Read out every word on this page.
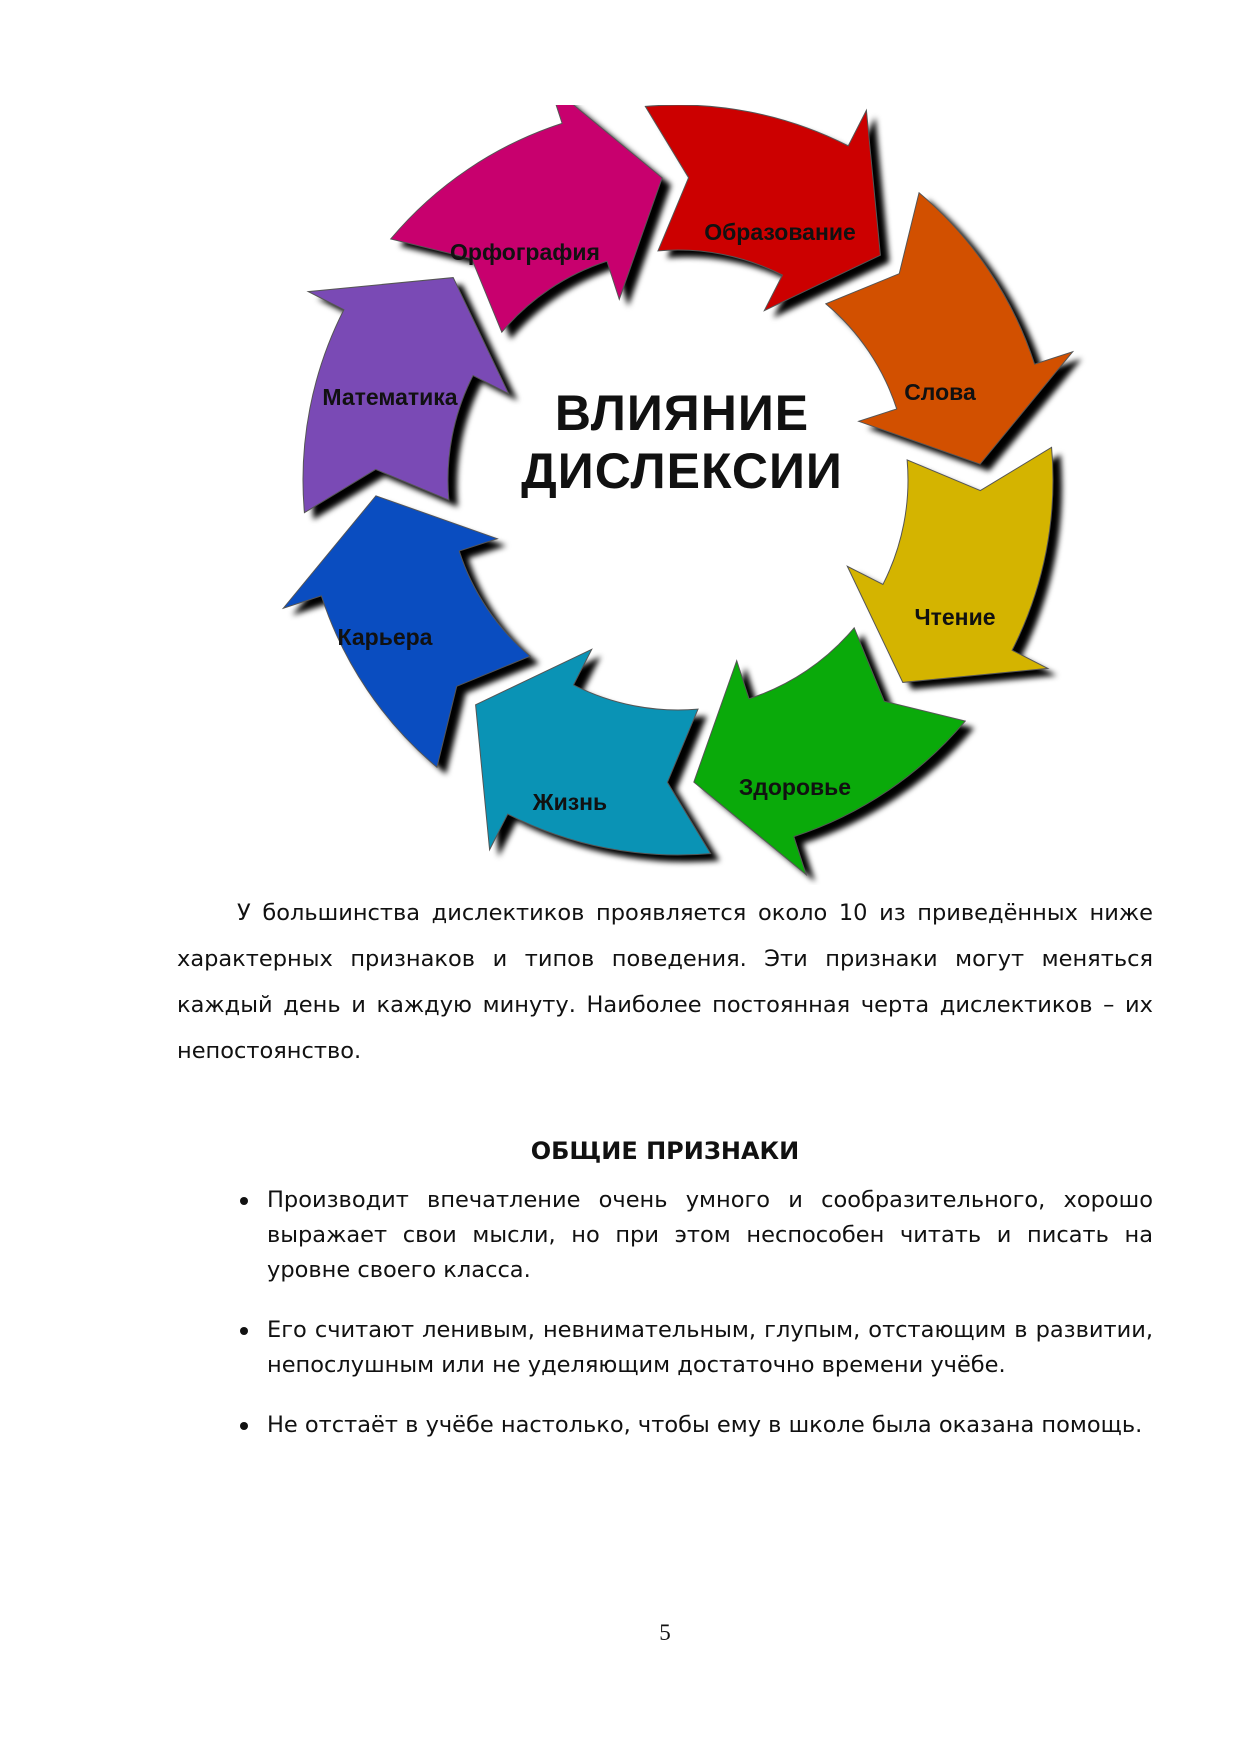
Образование
Слова
Чтение
Здоровье
Жизнь
Карьера
Математика
Орфография
ВЛИЯНИЕ
ДИСЛЕКСИИ

У большинства дислектиков проявляется около 10 из приведённых ниже характерных признаков и типов поведения. Эти признаки могут меняться каждый день и каждую минуту. Наиболее постоянная черта дислектиков – их непостоянство.

ОБЩИЕ ПРИЗНАКИ
Производит впечатление очень умного и сообразительного, хорошо выражает свои мысли, но при этом неспособен читать и писать на уровне своего класса.
Его считают ленивым, невнимательным, глупым, отстающим в развитии, непослушным или не уделяющим достаточно времени учёбе.
Не отстаёт в учёбе настолько, чтобы ему в школе была оказана помощь.
5
